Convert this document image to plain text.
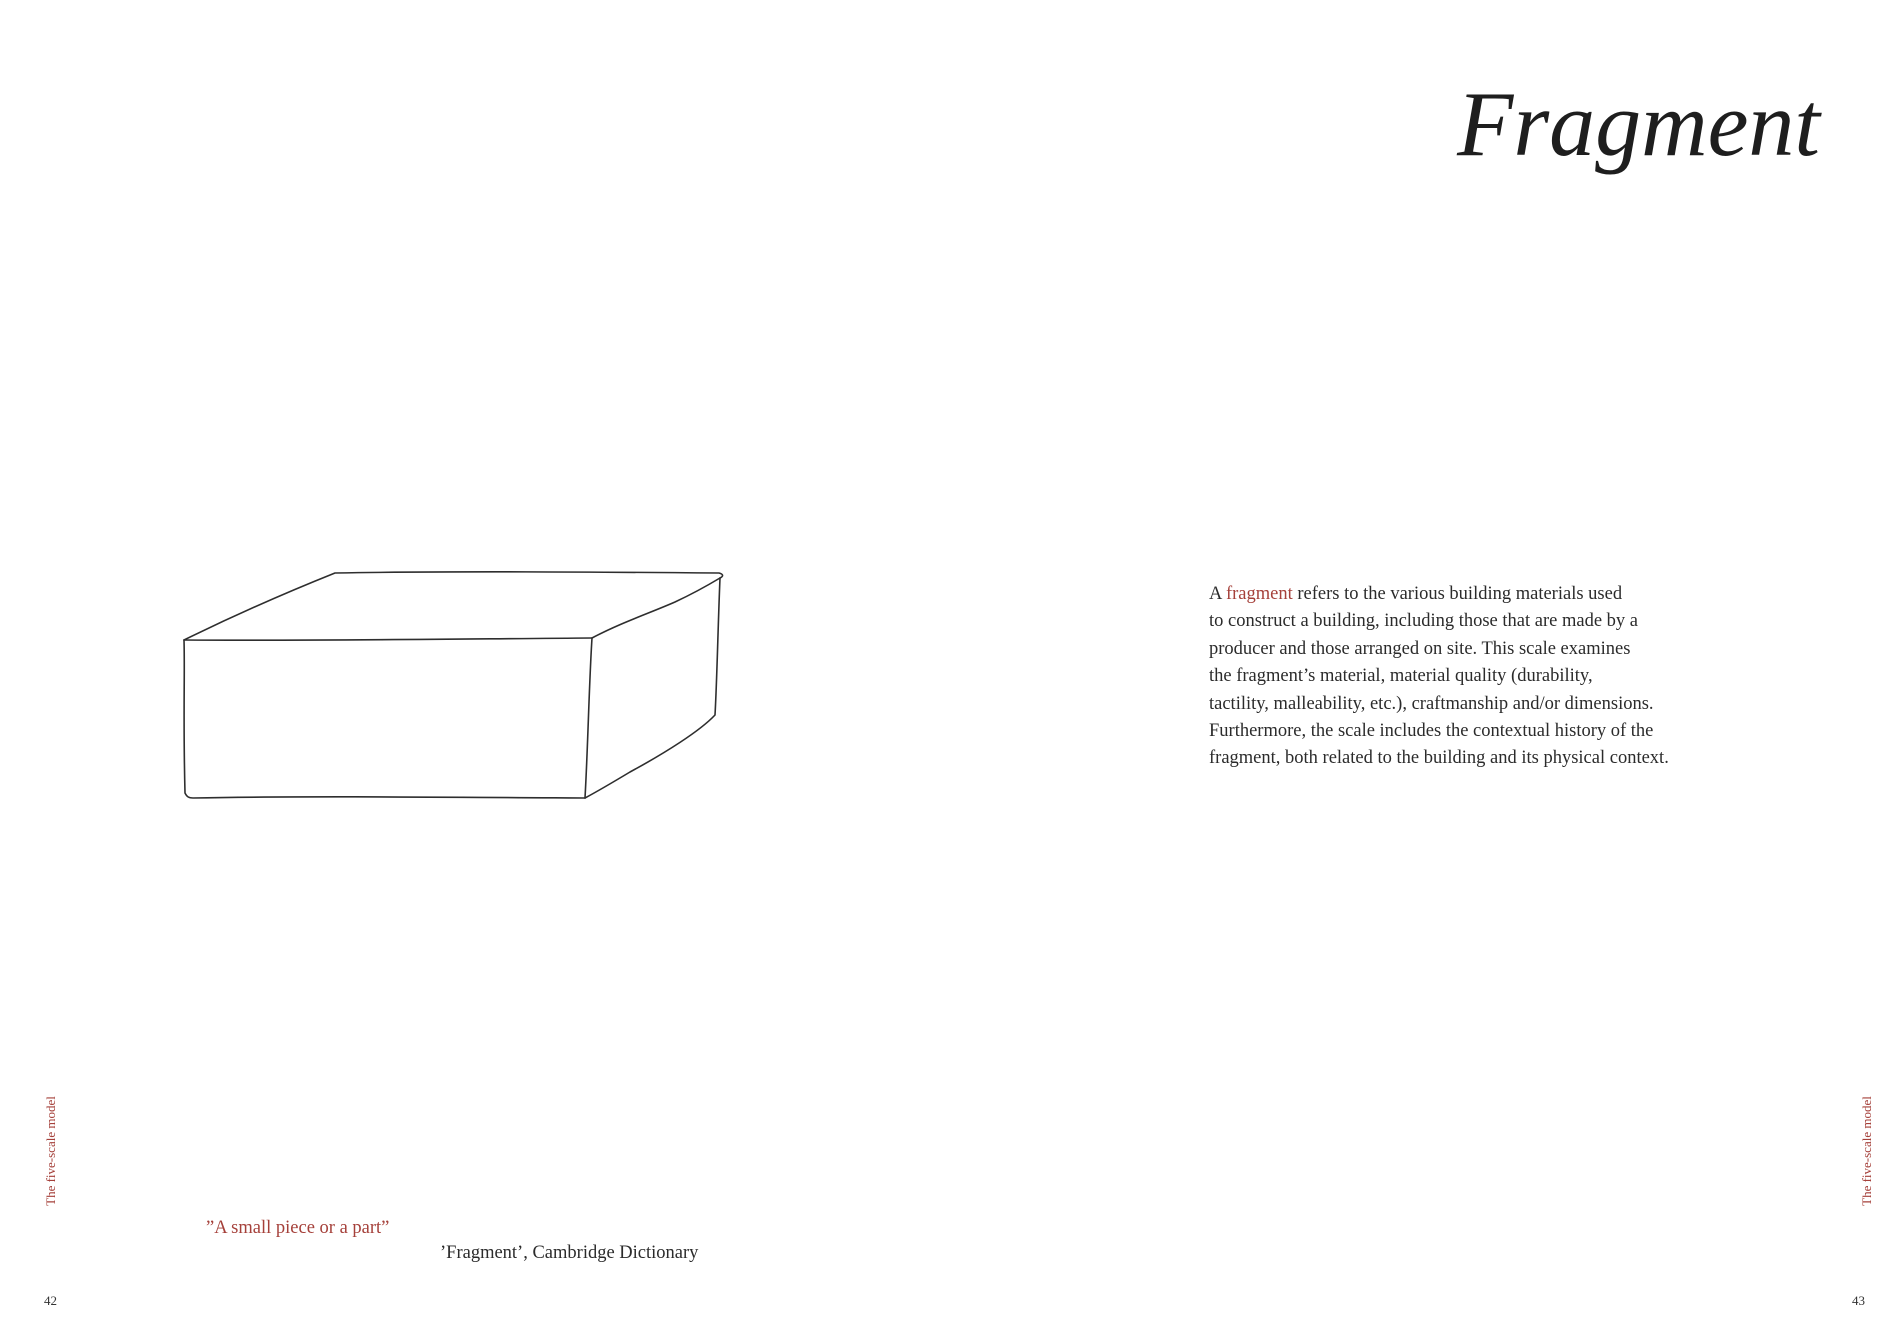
Fragment

A fragment refers to the various building materials used
to construct a building, including those that are made by a
producer and those arranged on site. This scale examines
the fragment’s material, material quality (durability,
tactility, malleability, etc.), craftmanship and/or dimensions.
Furthermore, the scale includes the contextual history of the
fragment, both related to the building and its physical context.

”A small piece or a part”

’Fragment’, Cambridge Dictionary

The five-scale model
42
The five-scale model
43
